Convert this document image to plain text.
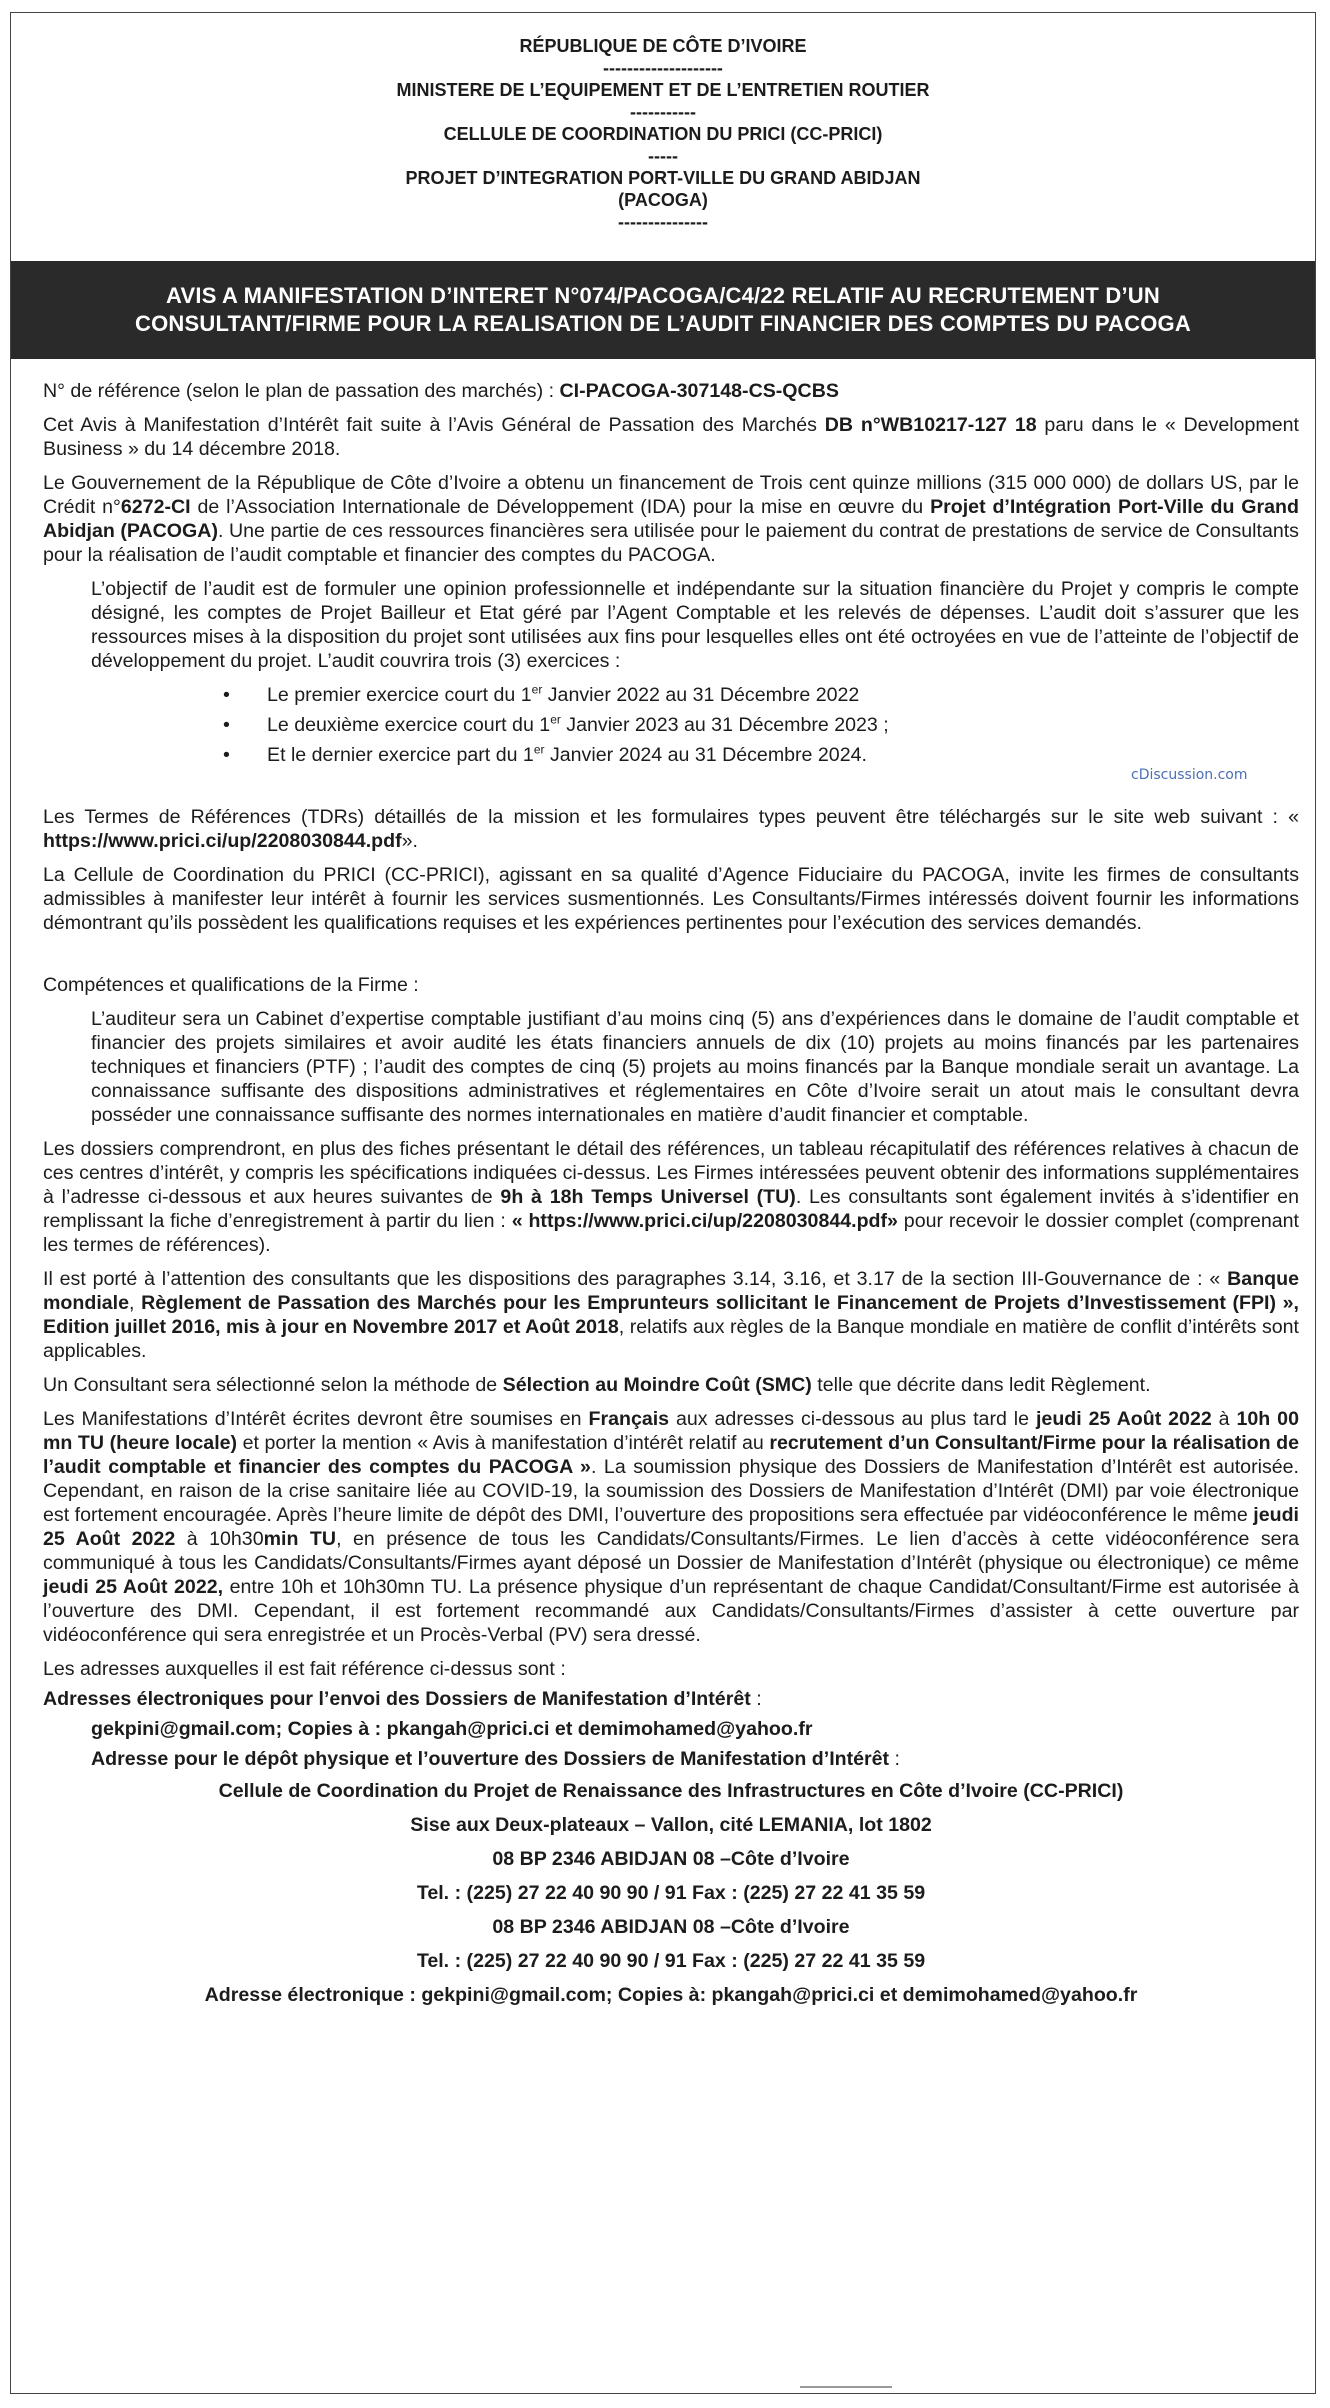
RÉPUBLIQUE DE CÔTE D’IVOIRE
--------------------
MINISTERE DE L’EQUIPEMENT ET DE L’ENTRETIEN ROUTIER
-----------
CELLULE DE COORDINATION DU PRICI (CC-PRICI)
-----
PROJET D’INTEGRATION PORT-VILLE DU GRAND ABIDJAN
(PACOGA)
---------------
AVIS A MANIFESTATION D’INTERET N°074/PACOGA/C4/22 RELATIF AU RECRUTEMENT D’UN
CONSULTANT/FIRME POUR LA REALISATION DE L’AUDIT FINANCIER DES COMPTES DU PACOGA
cDiscussion.com

N° de référence (selon le plan de passation des marchés) : CI-PACOGA-307148-CS-QCBS

Cet Avis à Manifestation d’Intérêt fait suite à l’Avis Général de Passation des Marchés DB n°WB10217-127 18 paru dans le « Development Business » du 14 décembre 2018.

Le Gouvernement de la République de Côte d’Ivoire a obtenu un financement de Trois cent quinze millions (315 000 000) de dollars US, par le Crédit n°6272-CI de l’Association Internationale de Développement (IDA) pour la mise en œuvre du Projet d’Intégration Port-Ville du Grand Abidjan (PACOGA). Une partie de ces ressources financières sera utilisée pour le paiement du contrat de prestations de service de Consultants pour la réalisation de l’audit comptable et financier des comptes du PACOGA.

L’objectif de l’audit est de formuler une opinion professionnelle et indépendante sur la situation financière du Projet y compris le compte désigné, les comptes de Projet Bailleur et Etat géré par l’Agent Comptable et les relevés de dépenses. L’audit doit s’assurer que les ressources mises à la disposition du projet sont utilisées aux fins pour lesquelles elles ont été octroyées en vue de l’atteinte de l’objectif de développement du projet. L’audit couvrira trois (3) exercices :

• Le premier exercice court du 1er Janvier 2022 au 31 Décembre 2022
• Le deuxième exercice court du 1er Janvier 2023 au 31 Décembre 2023 ;
• Et le dernier exercice part du 1er Janvier 2024 au 31 Décembre 2024.

Les Termes de Références (TDRs) détaillés de la mission et les formulaires types peuvent être téléchargés sur le site web suivant : « https://www.prici.ci/up/2208030844.pdf».

La Cellule de Coordination du PRICI (CC-PRICI), agissant en sa qualité d’Agence Fiduciaire du PACOGA, invite les firmes de consultants admissibles à manifester leur intérêt à fournir les services susmentionnés. Les Consultants/Firmes intéressés doivent fournir les informations démontrant qu’ils possèdent les qualifications requises et les expériences pertinentes pour l’exécution des services demandés.

Compétences et qualifications de la Firme :

L’auditeur sera un Cabinet d’expertise comptable justifiant d’au moins cinq (5) ans d’expériences dans le domaine de l’audit comptable et financier des projets similaires et avoir audité les états financiers annuels de dix (10) projets au moins financés par les partenaires techniques et financiers (PTF) ; l’audit des comptes de cinq (5) projets au moins financés par la Banque mondiale serait un avantage. La connaissance suffisante des dispositions administratives et réglementaires en Côte d’Ivoire serait un atout mais le consultant devra posséder une connaissance suffisante des normes internationales en matière d’audit financier et comptable.

Les dossiers comprendront, en plus des fiches présentant le détail des références, un tableau récapitulatif des références relatives à chacun de ces centres d’intérêt, y compris les spécifications indiquées ci-dessus. Les Firmes intéressées peuvent obtenir des informations supplémentaires à l’adresse ci-dessous et aux heures suivantes de 9h à 18h Temps Universel (TU). Les consultants sont également invités à s’identifier en remplissant la fiche d’enregistrement à partir du lien : « https://www.prici.ci/up/2208030844.pdf» pour recevoir le dossier complet (comprenant les termes de références).

Il est porté à l’attention des consultants que les dispositions des paragraphes 3.14, 3.16, et 3.17 de la section III-Gouvernance de : « Banque mondiale, Règlement de Passation des Marchés pour les Emprunteurs sollicitant le Financement de Projets d’Investissement (FPI) », Edition juillet 2016, mis à jour en Novembre 2017 et Août 2018, relatifs aux règles de la Banque mondiale en matière de conflit d’intérêts sont applicables.

Un Consultant sera sélectionné selon la méthode de Sélection au Moindre Coût (SMC) telle que décrite dans ledit Règlement.

Les Manifestations d’Intérêt écrites devront être soumises en Français aux adresses ci-dessous au plus tard le jeudi 25 Août 2022 à 10h 00 mn TU (heure locale) et porter la mention « Avis à manifestation d’intérêt relatif au recrutement d’un Consultant/Firme pour la réalisation de l’audit comptable et financier des comptes du PACOGA ». La soumission physique des Dossiers de Manifestation d’Intérêt est autorisée. Cependant, en raison de la crise sanitaire liée au COVID-19, la soumission des Dossiers de Manifestation d’Intérêt (DMI) par voie électronique est fortement encouragée. Après l’heure limite de dépôt des DMI, l’ouverture des propositions sera effectuée par vidéoconférence le même jeudi 25 Août 2022 à 10h30min TU, en présence de tous les Candidats/Consultants/Firmes. Le lien d’accès à cette vidéoconférence sera communiqué à tous les Candidats/Consultants/Firmes ayant déposé un Dossier de Manifestation d’Intérêt (physique ou électronique) ce même jeudi 25 Août 2022, entre 10h et 10h30mn TU. La présence physique d’un représentant de chaque Candidat/Consultant/Firme est autorisée à l’ouverture des DMI. Cependant, il est fortement recommandé aux Candidats/Consultants/Firmes d’assister à cette ouverture par vidéoconférence qui sera enregistrée et un Procès-Verbal (PV) sera dressé.

Les adresses auxquelles il est fait référence ci-dessus sont :

Adresses électroniques pour l’envoi des Dossiers de Manifestation d’Intérêt :
gekpini@gmail.com; Copies à : pkangah@prici.ci et demimohamed@yahoo.fr
Adresse pour le dépôt physique et l’ouverture des Dossiers de Manifestation d’Intérêt :
Cellule de Coordination du Projet de Renaissance des Infrastructures en Côte d’Ivoire (CC-PRICI)
Sise aux Deux-plateaux – Vallon, cité LEMANIA, lot 1802
08 BP 2346 ABIDJAN 08 –Côte d’Ivoire
Tel. : (225) 27 22 40 90 90 / 91 Fax : (225) 27 22 41 35 59
08 BP 2346 ABIDJAN 08 –Côte d’Ivoire
Tel. : (225) 27 22 40 90 90 / 91 Fax : (225) 27 22 41 35 59
Adresse électronique : gekpini@gmail.com; Copies à: pkangah@prici.ci et demimohamed@yahoo.fr
